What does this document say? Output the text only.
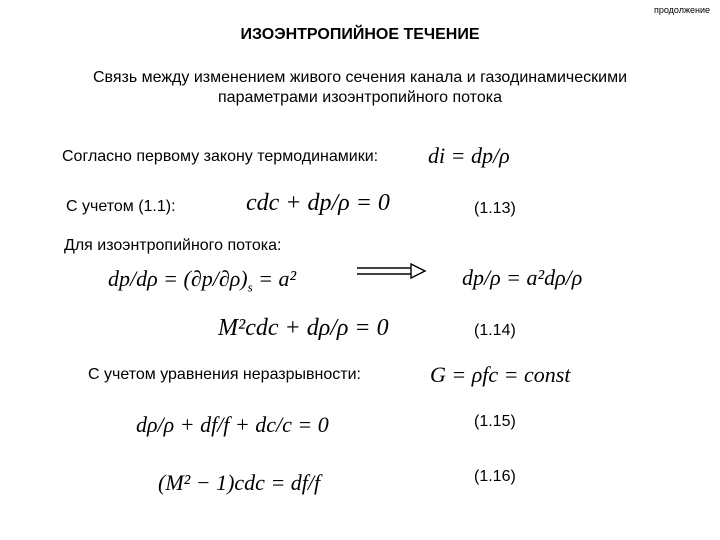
продолжение
ИЗОЭНТРОПИЙНОЕ ТЕЧЕНИЕ
Связь между изменением живого сечения канала и газодинамическими
параметрами изоэнтропийного потока
Согласно первому закону термодинамики: di = dp/ρ
С учетом (1.1):	cdc + dp/ρ = 0	(1.13)
Для изоэнтропийного потока:
$dp/d\rho = (\partial p/\partial\rho)_s = a^2$	dp/ρ = a²dρ/ρ
M²cdc + dρ/ρ = 0	(1.14)
С учетом уравнения неразрывности:	G = ρfc = const
dρ/ρ + df/f + dc/c = 0	(1.15)
(M² − 1)cdc = df/f	(1.16)
